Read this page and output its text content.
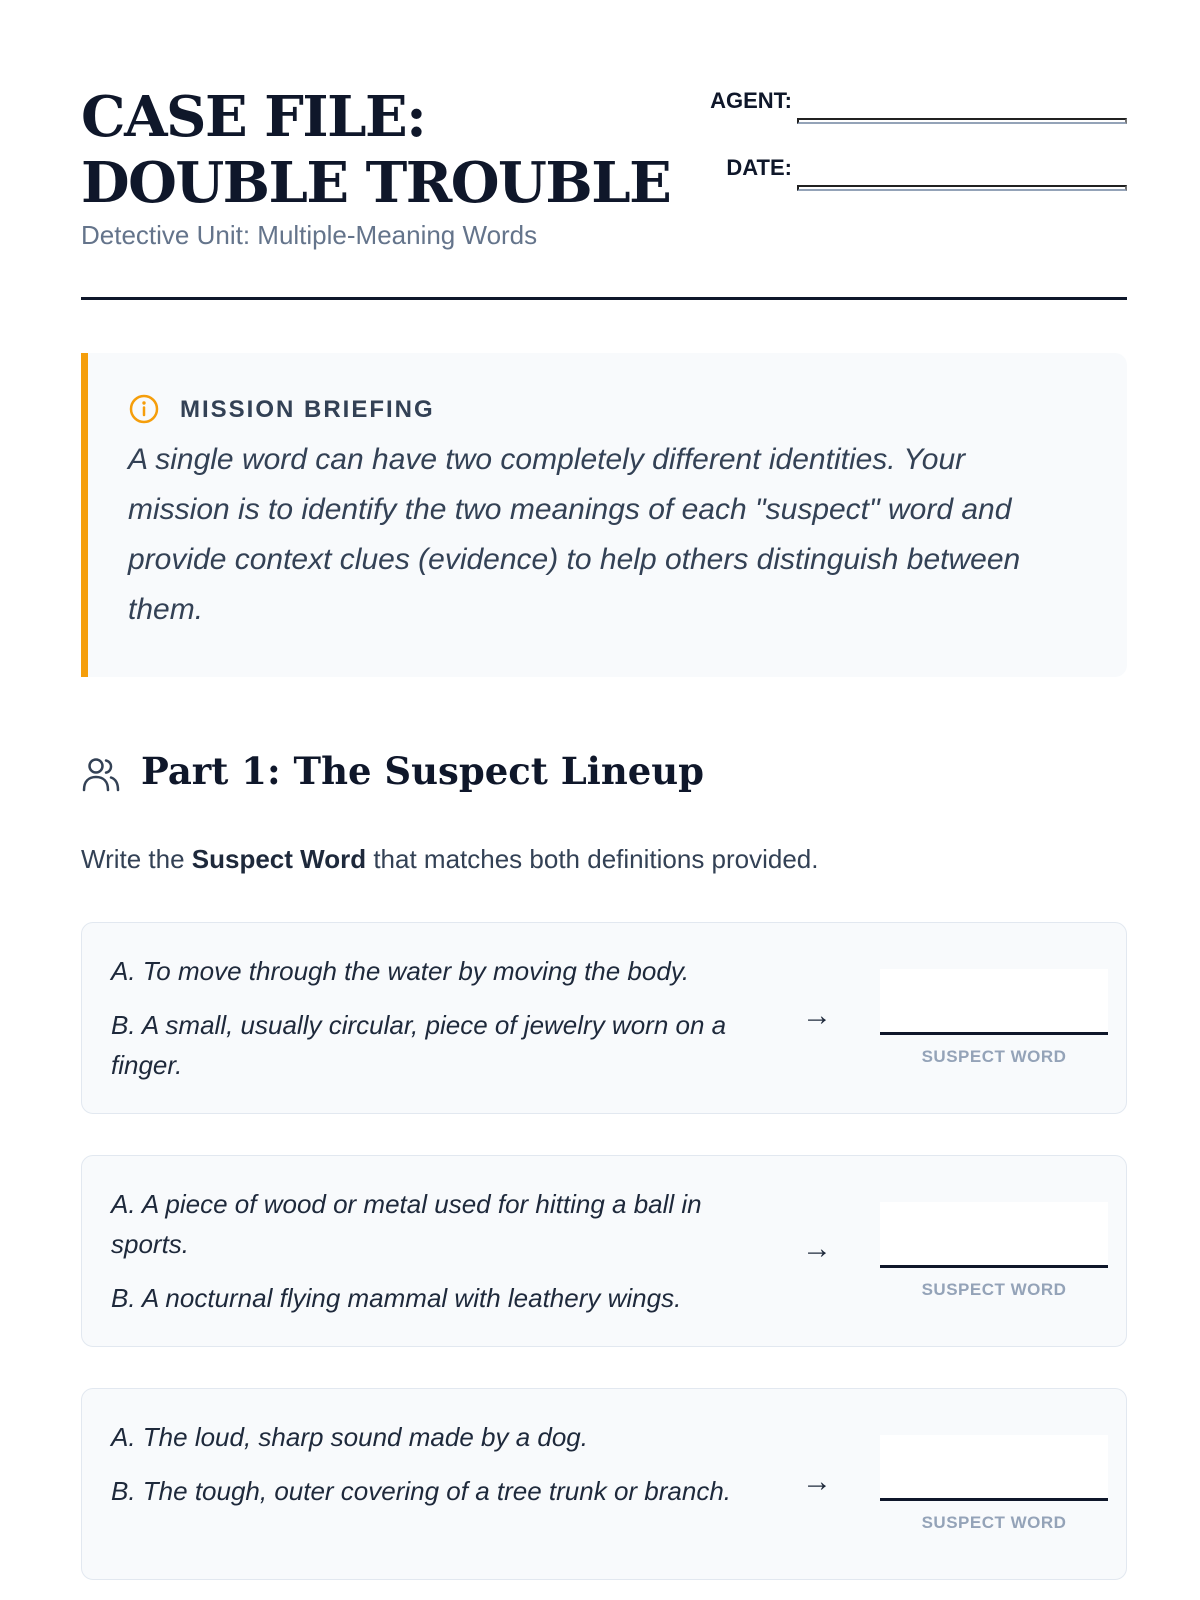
CASE FILE: DOUBLE TROUBLE
Detective Unit: Multiple-Meaning Words
AGENT:
DATE:
MISSION BRIEFING

A single word can have two completely different identities. Your mission is to identify the two meanings of each "suspect" word and provide context clues (evidence) to help others distinguish between them.

Part 1: The Suspect Lineup

Write the Suspect Word that matches both definitions provided.

A. To move through the water by moving the body.

B. A small, usually circular, piece of jewelry worn on a finger.

→
SUSPECT WORD

A. A piece of wood or metal used for hitting a ball in sports.

B. A nocturnal flying mammal with leathery wings.

→
SUSPECT WORD

A. The loud, sharp sound made by a dog.

B. The tough, outer covering of a tree trunk or branch.	→
SUSPECT WORD
